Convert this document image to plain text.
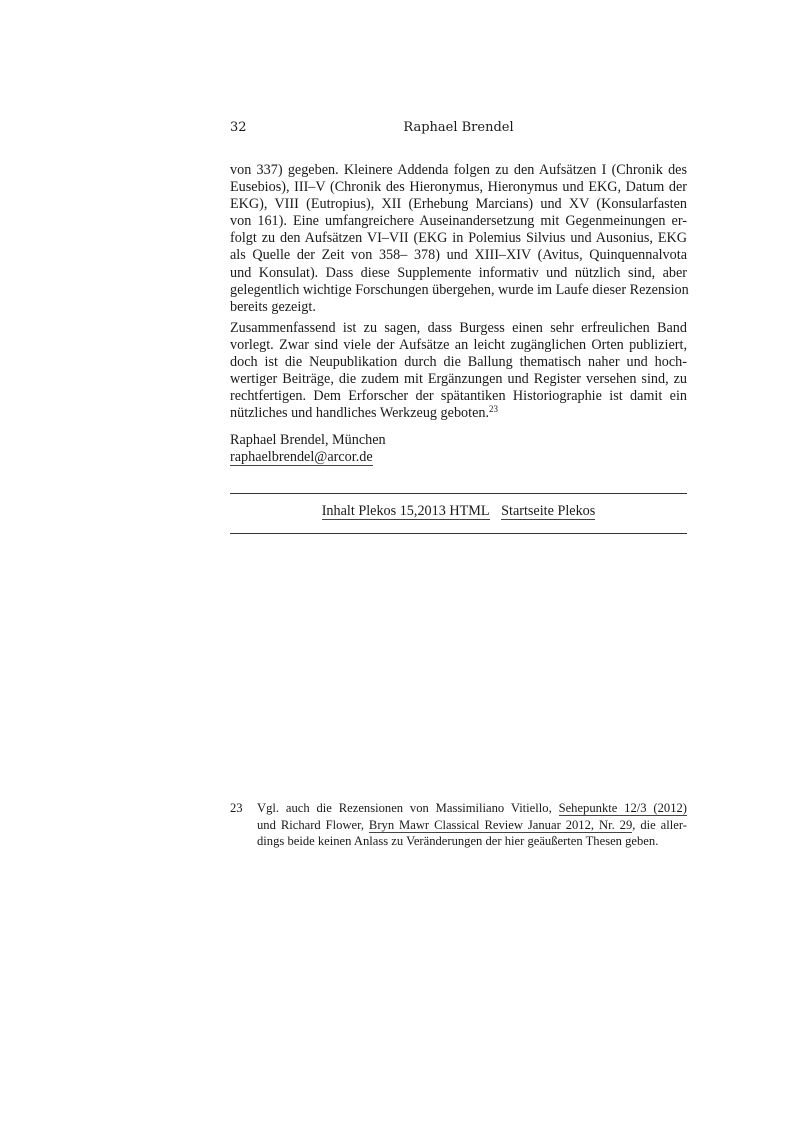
32	Raphael Brendel
von 337) gegeben. Kleinere Addenda folgen zu den Aufsätzen I (Chronik des
Eusebios), III–V (Chronik des Hieronymus, Hieronymus und EKG, Datum der
EKG), VIII (Eutropius), XII (Erhebung Marcians) und XV (Konsularfasten
von 161). Eine umfangreichere Auseinandersetzung mit Gegenmeinungen er-
folgt zu den Aufsätzen VI–VII (EKG in Polemius Silvius und Ausonius, EKG
als Quelle der Zeit von 358– 378) und XIII–XIV (Avitus, Quinquennalvota
und Konsulat). Dass diese Supplemente informativ und nützlich sind, aber
gelegentlich wichtige Forschungen übergehen, wurde im Laufe dieser Rezension
bereits gezeigt.
Zusammenfassend ist zu sagen, dass Burgess einen sehr erfreulichen Band
vorlegt. Zwar sind viele der Aufsätze an leicht zugänglichen Orten publiziert,
doch ist die Neupublikation durch die Ballung thematisch naher und hoch-
wertiger Beiträge, die zudem mit Ergänzungen und Register versehen sind, zu
rechtfertigen. Dem Erforscher der spätantiken Historiographie ist damit ein
nützliches und handliches Werkzeug geboten.$^{23}$
Raphael Brendel, München
raphaelbrendel@arcor.de
Inhalt Plekos 15,2013 HTML Startseite Plekos
23 Vgl. auch die Rezensionen von Massimiliano Vitiello, Sehepunkte 12/3 (2012)
und Richard Flower, Bryn Mawr Classical Review Januar 2012, Nr. 29, die aller-
dings beide keinen Anlass zu Veränderungen der hier geäußerten Thesen geben.
